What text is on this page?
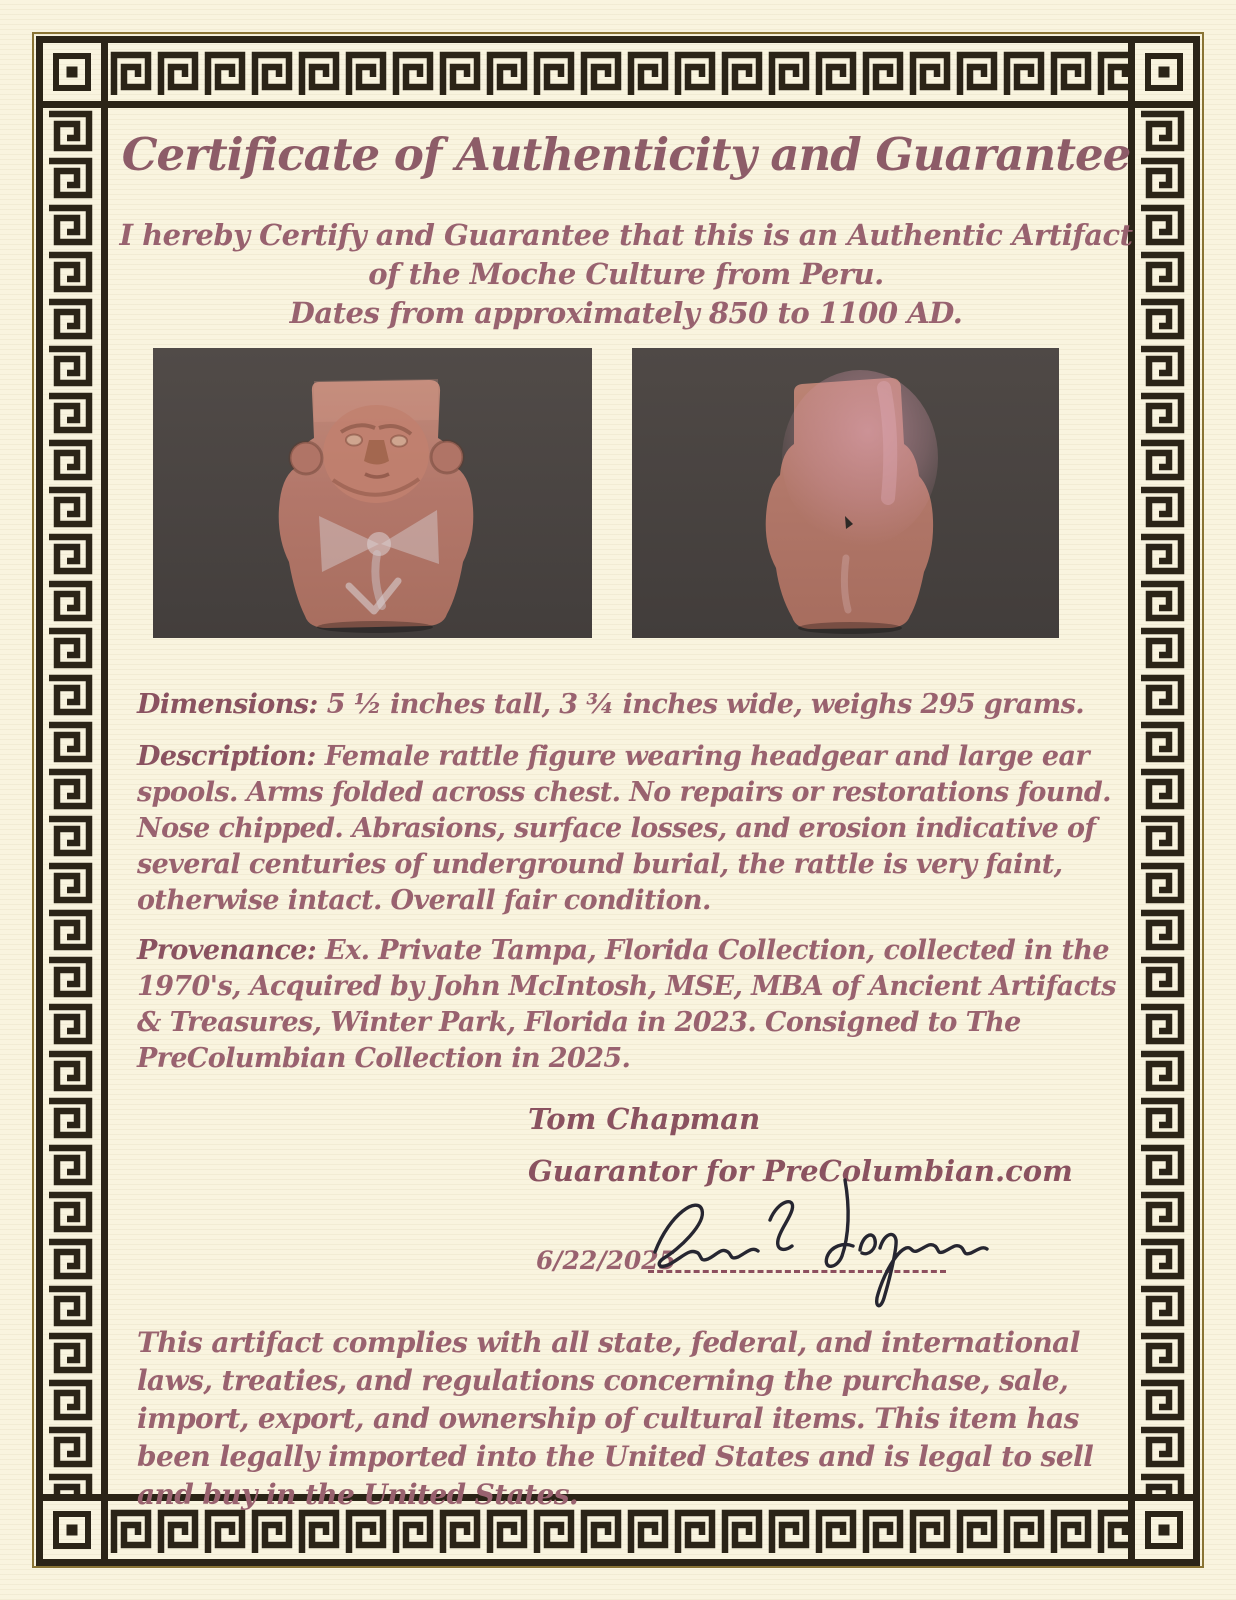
Certificate of Authenticity and Guarantee
I hereby Certify and Guarantee that this is an Authentic Artifact
of the Moche Culture from Peru.
Dates from approximately 850 to 1100 AD.

Dimensions: 5 ½ inches tall, 3 ¾ inches wide, weighs 295 grams.

Description: Female rattle figure wearing headgear and large ear spools. Arms folded across chest. No repairs or restorations found. Nose chipped. Abrasions, surface losses, and erosion indicative of several centuries of underground burial, the rattle is very faint, otherwise intact. Overall fair condition.

Provenance: Ex. Private Tampa, Florida Collection, collected in the 1970's, Acquired by John McIntosh, MSE, MBA of Ancient Artifacts & Treasures, Winter Park, Florida in 2023. Consigned to The PreColumbian Collection in 2025.

Tom Chapman
Guarantor for PreColumbian.com
6/22/2025

This artifact complies with all state, federal, and international laws, treaties, and regulations concerning the purchase, sale, import, export, and ownership of cultural items. This item has been legally imported into the United States and is legal to sell and buy in the United States.
